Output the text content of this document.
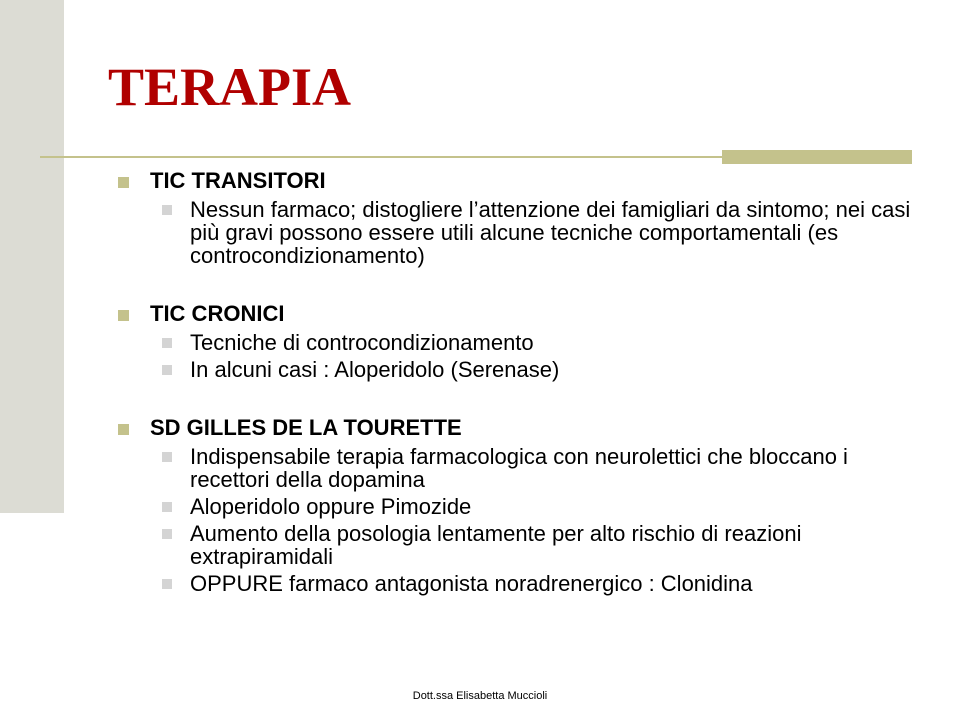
TERAPIA
TIC TRANSITORI
Nessun farmaco; distogliere l’attenzione dei famigliari da sintomo; nei casi più gravi possono essere utili alcune tecniche comportamentali (es controcondizionamento)
TIC CRONICI
Tecniche di controcondizionamento
In alcuni casi : Aloperidolo (Serenase)
SD GILLES DE LA TOURETTE
Indispensabile terapia farmacologica con neurolettici che bloccano i recettori della dopamina
Aloperidolo oppure Pimozide
Aumento della posologia lentamente per alto rischio di reazioni extrapiramidali
OPPURE farmaco antagonista noradrenergico : Clonidina
Dott.ssa Elisabetta Muccioli
